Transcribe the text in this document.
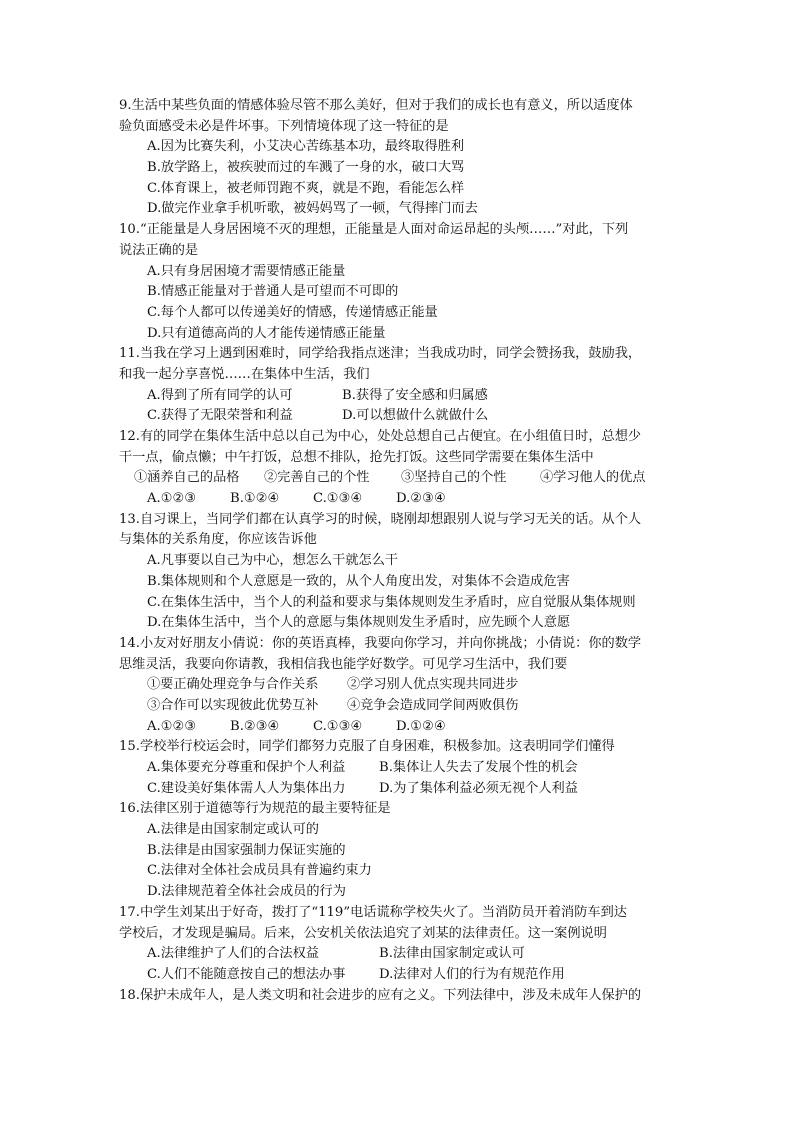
9.生活中某些负面的情感体验尽管不那么美好，但对于我们的成长也有意义，所以适度体
验负面感受未必是件坏事。下列情境体现了这一特征的是
A.因为比赛失利，小艾决心苦练基本功，最终取得胜利
B.放学路上，被疾驶而过的车溅了一身的水，破口大骂
C.体育课上，被老师罚跑不爽，就是不跑，看能怎么样
D.做完作业拿手机听歌，被妈妈骂了一顿，气得摔门而去
10.“正能量是人身居困境不灭的理想，正能量是人面对命运昂起的头颅……”对此，下列
说法正确的是
A.只有身居困境才需要情感正能量
B.情感正能量对于普通人是可望而不可即的
C.每个人都可以传递美好的情感，传递情感正能量
D.只有道德高尚的人才能传递情感正能量
11.当我在学习上遇到困难时，同学给我指点迷津；当我成功时，同学会赞扬我，鼓励我，
和我一起分享喜悦……在集体中生活，我们
A.得到了所有同学的认可	B.获得了安全感和归属感
C.获得了无限荣誉和利益	D.可以想做什么就做什么
12.有的同学在集体生活中总以自己为中心，处处总想自己占便宜。在小组值日时，总想少
干一点，偷点懒；中午打饭，总想不排队，抢先打饭。这些同学需要在集体生活中
①涵养自己的品格 ②完善自己的个性 ③坚持自己的个性	④学习他人的优点
A.①②③	B.①②④	C.①③④	D.②③④
13.自习课上，当同学们都在认真学习的时候，晓刚却想跟别人说与学习无关的话。从个人
与集体的关系角度，你应该告诉他
A.凡事要以自己为中心，想怎么干就怎么干
B.集体规则和个人意愿是一致的，从个人角度出发，对集体不会造成危害
C.在集体生活中，当个人的利益和要求与集体规则发生矛盾时，应自觉服从集体规则
D.在集体生活中，当个人的意愿与集体规则发生矛盾时，应先顾个人意愿
14.小友对好朋友小倩说：你的英语真棒，我要向你学习，并向你挑战；小倩说：你的数学
思维灵活，我要向你请教，我相信我也能学好数学。可见学习生活中，我们要
①要正确处理竞争与合作关系 ②学习别人优点实现共同进步
③合作可以实现彼此优势互补 ④竞争会造成同学间两败俱伤
A.①②③	B.②③④	C.①③④	D.①②④
15.学校举行校运会时，同学们都努力克服了自身困难，积极参加。这表明同学们懂得
A.集体要充分尊重和保护个人利益	B.集体让人失去了发展个性的机会
C.建设美好集体需人人为集体出力	D.为了集体利益必须无视个人利益
16.法律区别于道德等行为规范的最主要特征是
A.法律是由国家制定或认可的
B.法律是由国家强制力保证实施的
C.法律对全体社会成员具有普遍约束力
D.法律规范着全体社会成员的行为
17.中学生刘某出于好奇，拨打了“119”电话谎称学校失火了。当消防员开着消防车到达
学校后，才发现是骗局。后来，公安机关依法追究了刘某的法律责任。这一案例说明
A.法律维护了人们的合法权益	B.法律由国家制定或认可
C.人们不能随意按自己的想法办事	D.法律对人们的行为有规范作用
18.保护未成年人，是人类文明和社会进步的应有之义。下列法律中，涉及未成年人保护的
